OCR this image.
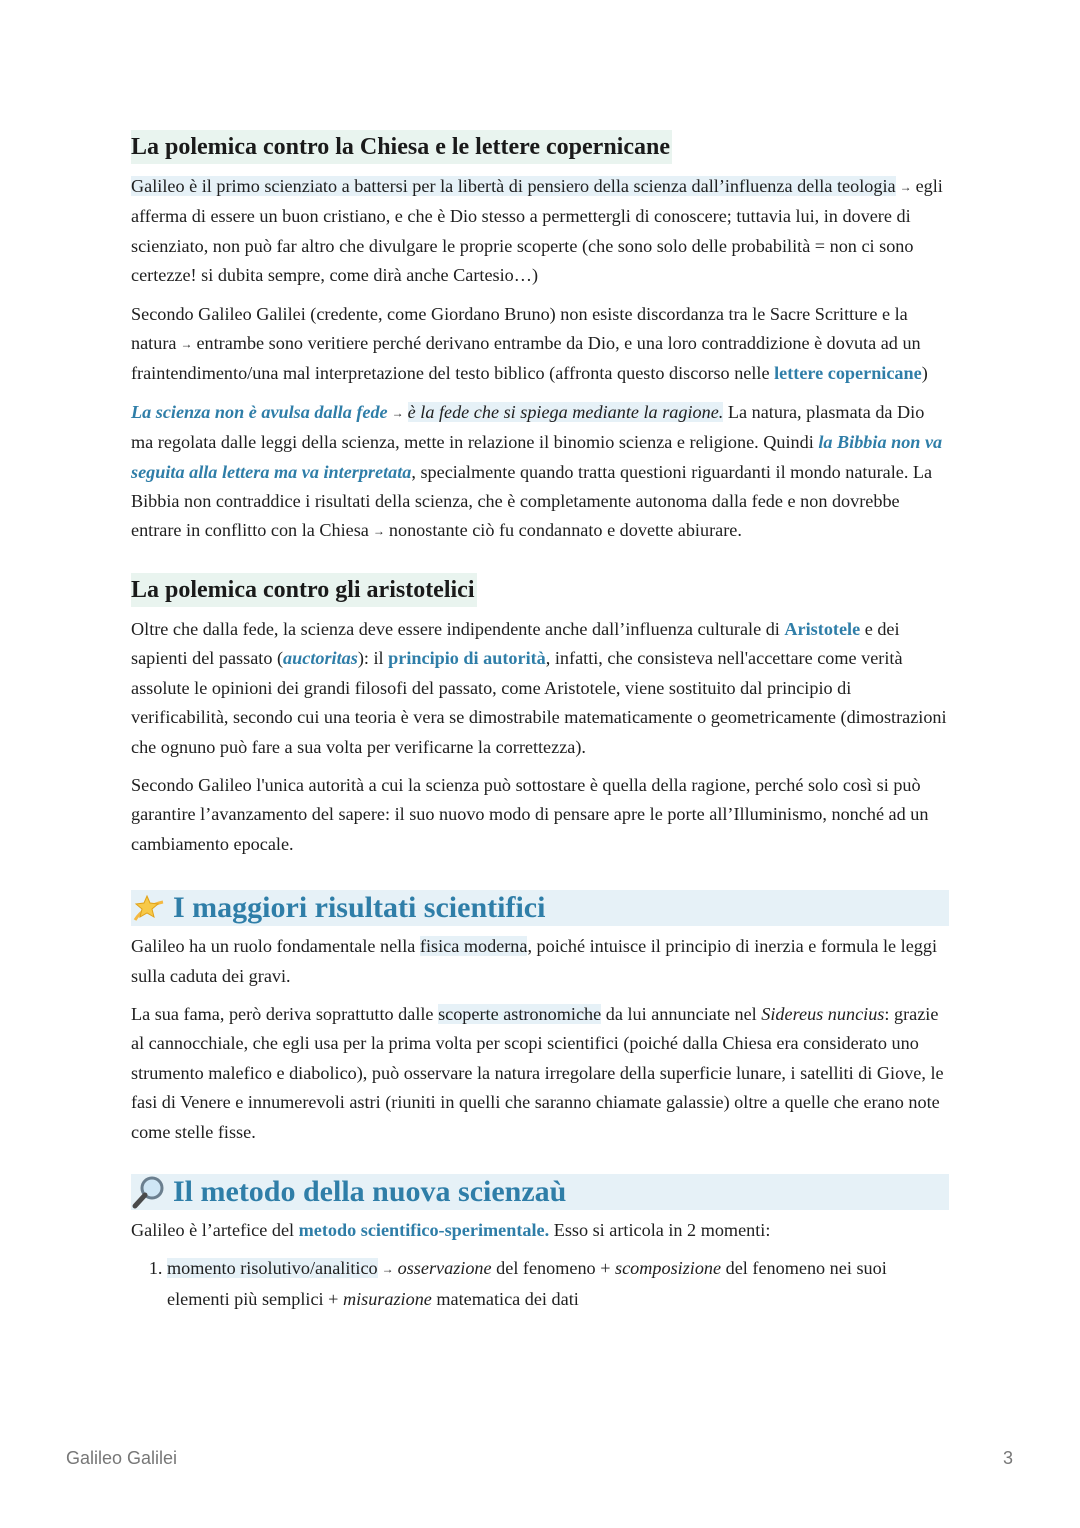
La polemica contro la Chiesa e le lettere copernicane

Galileo è il primo scienziato a battersi per la libertà di pensiero della scienza dall’influenza della teologia → egli afferma di essere un buon cristiano, e che è Dio stesso a permettergli di conoscere; tuttavia lui, in dovere di scienziato, non può far altro che divulgare le proprie scoperte (che sono solo delle probabilità = non ci sono certezze! si dubita sempre, come dirà anche Cartesio…)

Secondo Galileo Galilei (credente, come Giordano Bruno) non esiste discordanza tra le Sacre Scritture e la natura → entrambe sono veritiere perché derivano entrambe da Dio, e una loro contraddizione è dovuta ad un fraintendimento/una mal interpretazione del testo biblico (affronta questo discorso nelle lettere copernicane)

La scienza non è avulsa dalla fede → è la fede che si spiega mediante la ragione. La natura, plasmata da Dio ma regolata dalle leggi della scienza, mette in relazione il binomio scienza e religione. Quindi la Bibbia non va seguita alla lettera ma va interpretata, specialmente quando tratta questioni riguardanti il mondo naturale. La Bibbia non contraddice i risultati della scienza, che è completamente autonoma dalla fede e non dovrebbe entrare in conflitto con la Chiesa → nonostante ciò fu condannato e dovette abiurare.

La polemica contro gli aristotelici

Oltre che dalla fede, la scienza deve essere indipendente anche dall’influenza culturale di Aristotele e dei sapienti del passato (auctoritas): il principio di autorità, infatti, che consisteva nell'accettare come verità assolute le opinioni dei grandi filosofi del passato, come Aristotele, viene sostituito dal principio di verificabilità, secondo cui una teoria è vera se dimostrabile matematicamente o geometricamente (dimostrazioni che ognuno può fare a sua volta per verificarne la correttezza).

Secondo Galileo l'unica autorità a cui la scienza può sottostare è quella della ragione, perché solo così si può garantire l’avanzamento del sapere: il suo nuovo modo di pensare apre le porte all’Illuminismo, nonché ad un cambiamento epocale.

I maggiori risultati scientifici

Galileo ha un ruolo fondamentale nella fisica moderna, poiché intuisce il principio di inerzia e formula le leggi sulla caduta dei gravi.

La sua fama, però deriva soprattutto dalle scoperte astronomiche da lui annunciate nel Sidereus nuncius: grazie al cannocchiale, che egli usa per la prima volta per scopi scientifici (poiché dalla Chiesa era considerato uno strumento malefico e diabolico), può osservare la natura irregolare della superficie lunare, i satelliti di Giove, le fasi di Venere e innumerevoli astri (riuniti in quelli che saranno chiamate galassie) oltre a quelle che erano note come stelle fisse.

Il metodo della nuova scienzaù

Galileo è l’artefice del metodo scientifico-sperimentale. Esso si articola in 2 momenti:

1. momento risolutivo/analitico → osservazione del fenomeno + scomposizione del fenomeno nei suoi elementi più semplici + misurazione matematica dei dati
Galileo Galilei	3
